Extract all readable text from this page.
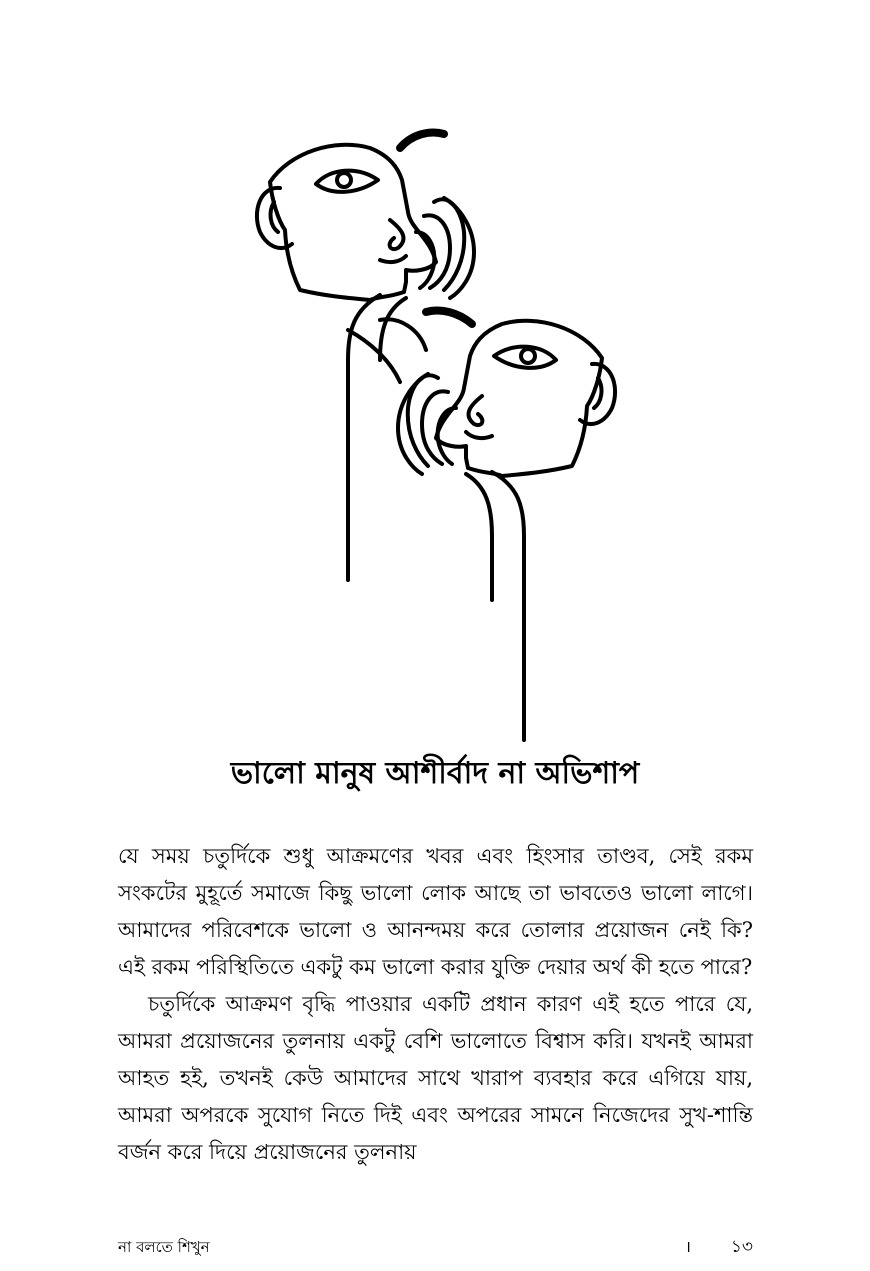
ভালো মানুষ আশীর্বাদ না অভিশাপ

যে সময় চতুর্দিকে শুধু আক্রমণের খবর এবং হিংসার তাণ্ডব, সেই রকম সংকটের মুহূর্তে সমাজে কিছু ভালো লোক আছে তা ভাবতেও ভালো লাগে। আমাদের পরিবেশকে ভালো ও আনন্দময় করে তোলার প্রয়োজন নেই কি? এই রকম পরিস্থিতিতে একটু কম ভালো করার যুক্তি দেয়ার অর্থ কী হতে পারে?

চতুর্দিকে আক্রমণ বৃদ্ধি পাওয়ার একটি প্রধান কারণ এই হতে পারে যে, আমরা প্রয়োজনের তুলনায় একটু বেশি ভালোতে বিশ্বাস করি। যখনই আমরা আহত হই, তখনই কেউ আমাদের সাথে খারাপ ব্যবহার করে এগিয়ে যায়, আমরা অপরকে সুযোগ নিতে দিই এবং অপরের সামনে নিজেদের সুখ-শান্তি বর্জন করে দিয়ে প্রয়োজনের তুলনায়

না বলতে শিখুন	। ১৩
